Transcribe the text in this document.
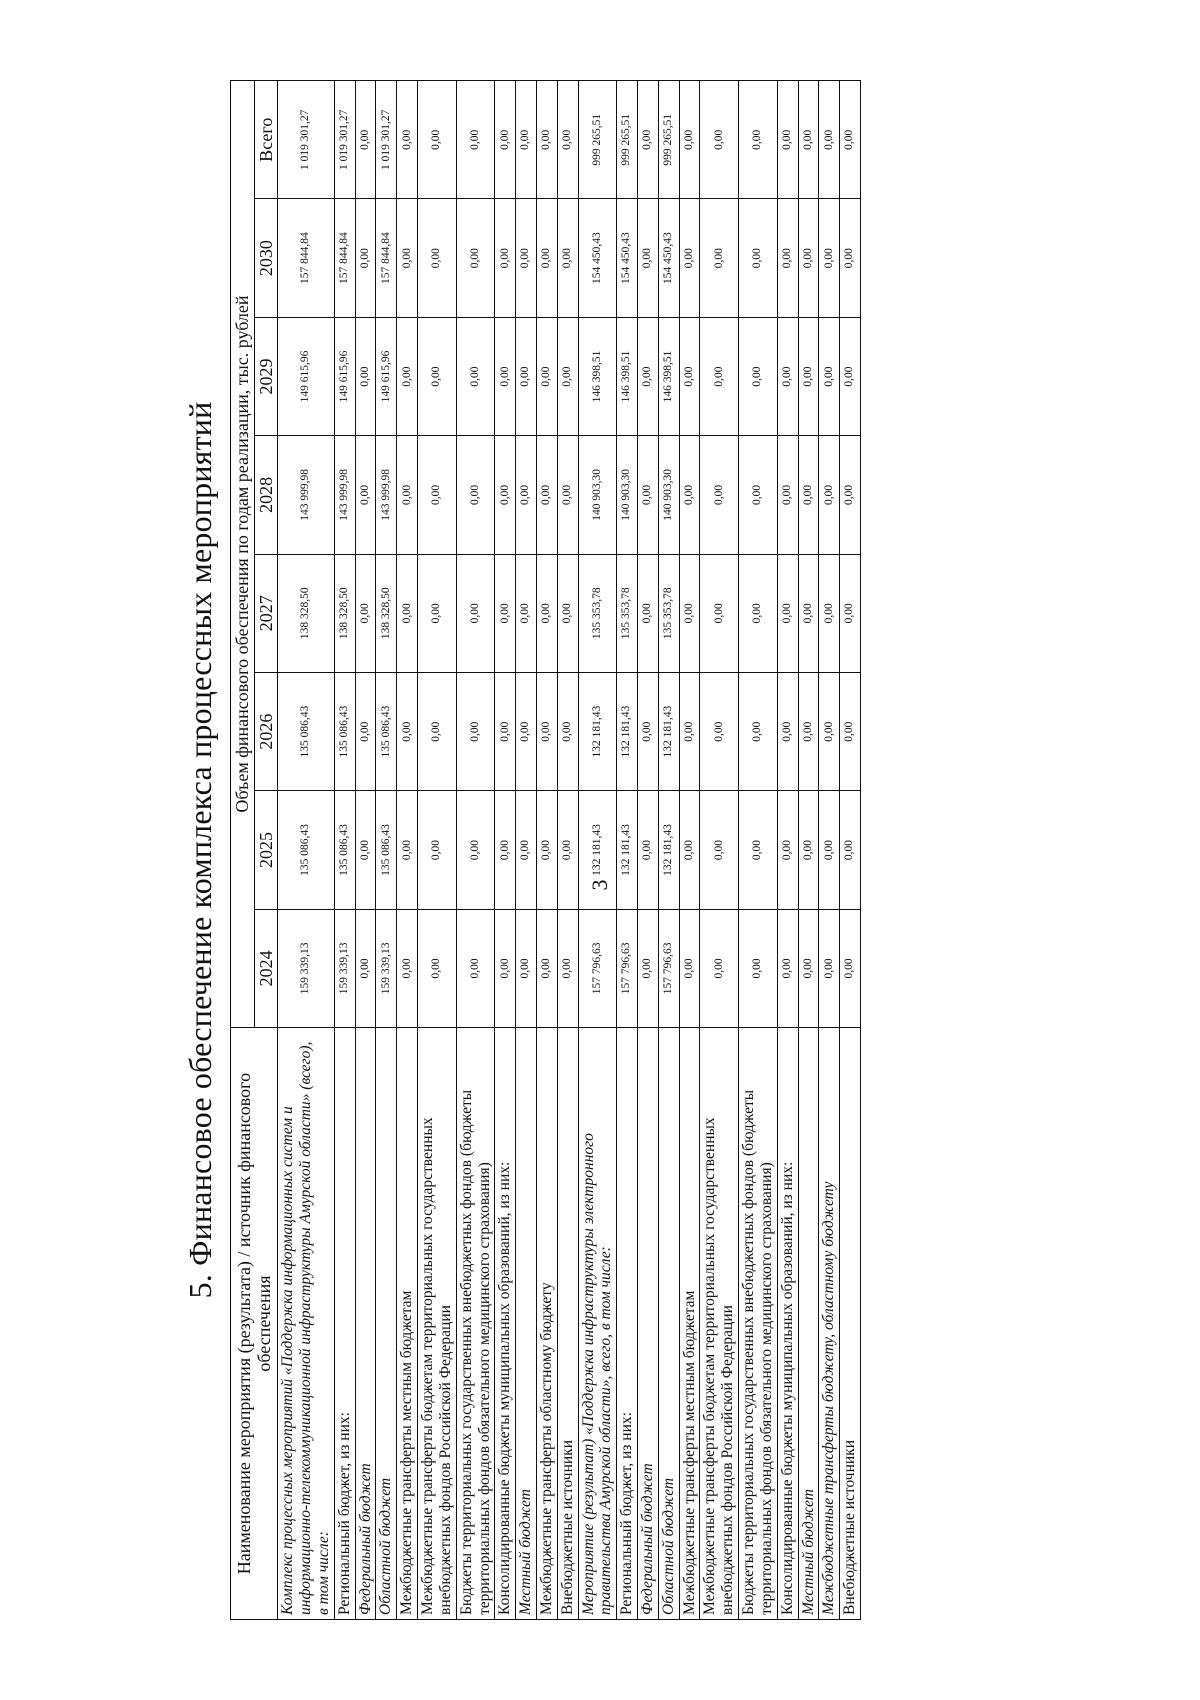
3

5. Финансовое обеспечение комплекса процессных мероприятий
Наименование мероприятия (результата) / источник финансового обеспечения	Объем финансового обеспечения по годам реализации, тыс. рублей							
	2024	2025	2026	2027	2028	2029	2030	Всего
Комплекс процессных мероприятий «Поддержка информационных систем и информационно-телекоммуникационной инфраструктуры Амурской области» (всего), в том числе:	159 339,13	135 086,43	135 086,43	138 328,50	143 999,98	149 615,96	157 844,84	1 019 301,27
Региональный бюджет, из них:	159 339,13	135 086,43	135 086,43	138 328,50	143 999,98	149 615,96	157 844,84	1 019 301,27
Федеральный бюджет	0,00	0,00	0,00	0,00	0,00	0,00	0,00	0,00
Областной бюджет	159 339,13	135 086,43	135 086,43	138 328,50	143 999,98	149 615,96	157 844,84	1 019 301,27
Межбюджетные трансферты местным бюджетам	0,00	0,00	0,00	0,00	0,00	0,00	0,00	0,00
Межбюджетные трансферты бюджетам территориальных государственных внебюджетных фондов Российской Федерации	0,00	0,00	0,00	0,00	0,00	0,00	0,00	0,00
Бюджеты территориальных государственных внебюджетных фондов (бюджеты территориальных фондов обязательного медицинского страхования)	0,00	0,00	0,00	0,00	0,00	0,00	0,00	0,00
Консолидированные бюджеты муниципальных образований, из них:	0,00	0,00	0,00	0,00	0,00	0,00	0,00	0,00
Местный бюджет	0,00	0,00	0,00	0,00	0,00	0,00	0,00	0,00
Межбюджетные трансферты областному бюджету	0,00	0,00	0,00	0,00	0,00	0,00	0,00	0,00
Внебюджетные источники	0,00	0,00	0,00	0,00	0,00	0,00	0,00	0,00
Мероприятие (результат) «Поддержка инфраструктуры электронного правительства Амурской области», всего, в том числе:	157 796,63	132 181,43	132 181,43	135 353,78	140 903,30	146 398,51	154 450,43	999 265,51
Региональный бюджет, из них:	157 796,63	132 181,43	132 181,43	135 353,78	140 903,30	146 398,51	154 450,43	999 265,51
Федеральный бюджет	0,00	0,00	0,00	0,00	0,00	0,00	0,00	0,00
Областной бюджет	157 796,63	132 181,43	132 181,43	135 353,78	140 903,30	146 398,51	154 450,43	999 265,51
Межбюджетные трансферты местным бюджетам	0,00	0,00	0,00	0,00	0,00	0,00	0,00	0,00
Межбюджетные трансферты бюджетам территориальных государственных внебюджетных фондов Российской Федерации	0,00	0,00	0,00	0,00	0,00	0,00	0,00	0,00
Бюджеты территориальных государственных внебюджетных фондов (бюджеты территориальных фондов обязательного медицинского страхования)	0,00	0,00	0,00	0,00	0,00	0,00	0,00	0,00
Консолидированные бюджеты муниципальных образований, из них:	0,00	0,00	0,00	0,00	0,00	0,00	0,00	0,00
Местный бюджет	0,00	0,00	0,00	0,00	0,00	0,00	0,00	0,00
Межбюджетные трансферты бюджету, областному бюджету	0,00	0,00	0,00	0,00	0,00	0,00	0,00	0,00
Внебюджетные источники	0,00	0,00	0,00	0,00	0,00	0,00	0,00	0,00
